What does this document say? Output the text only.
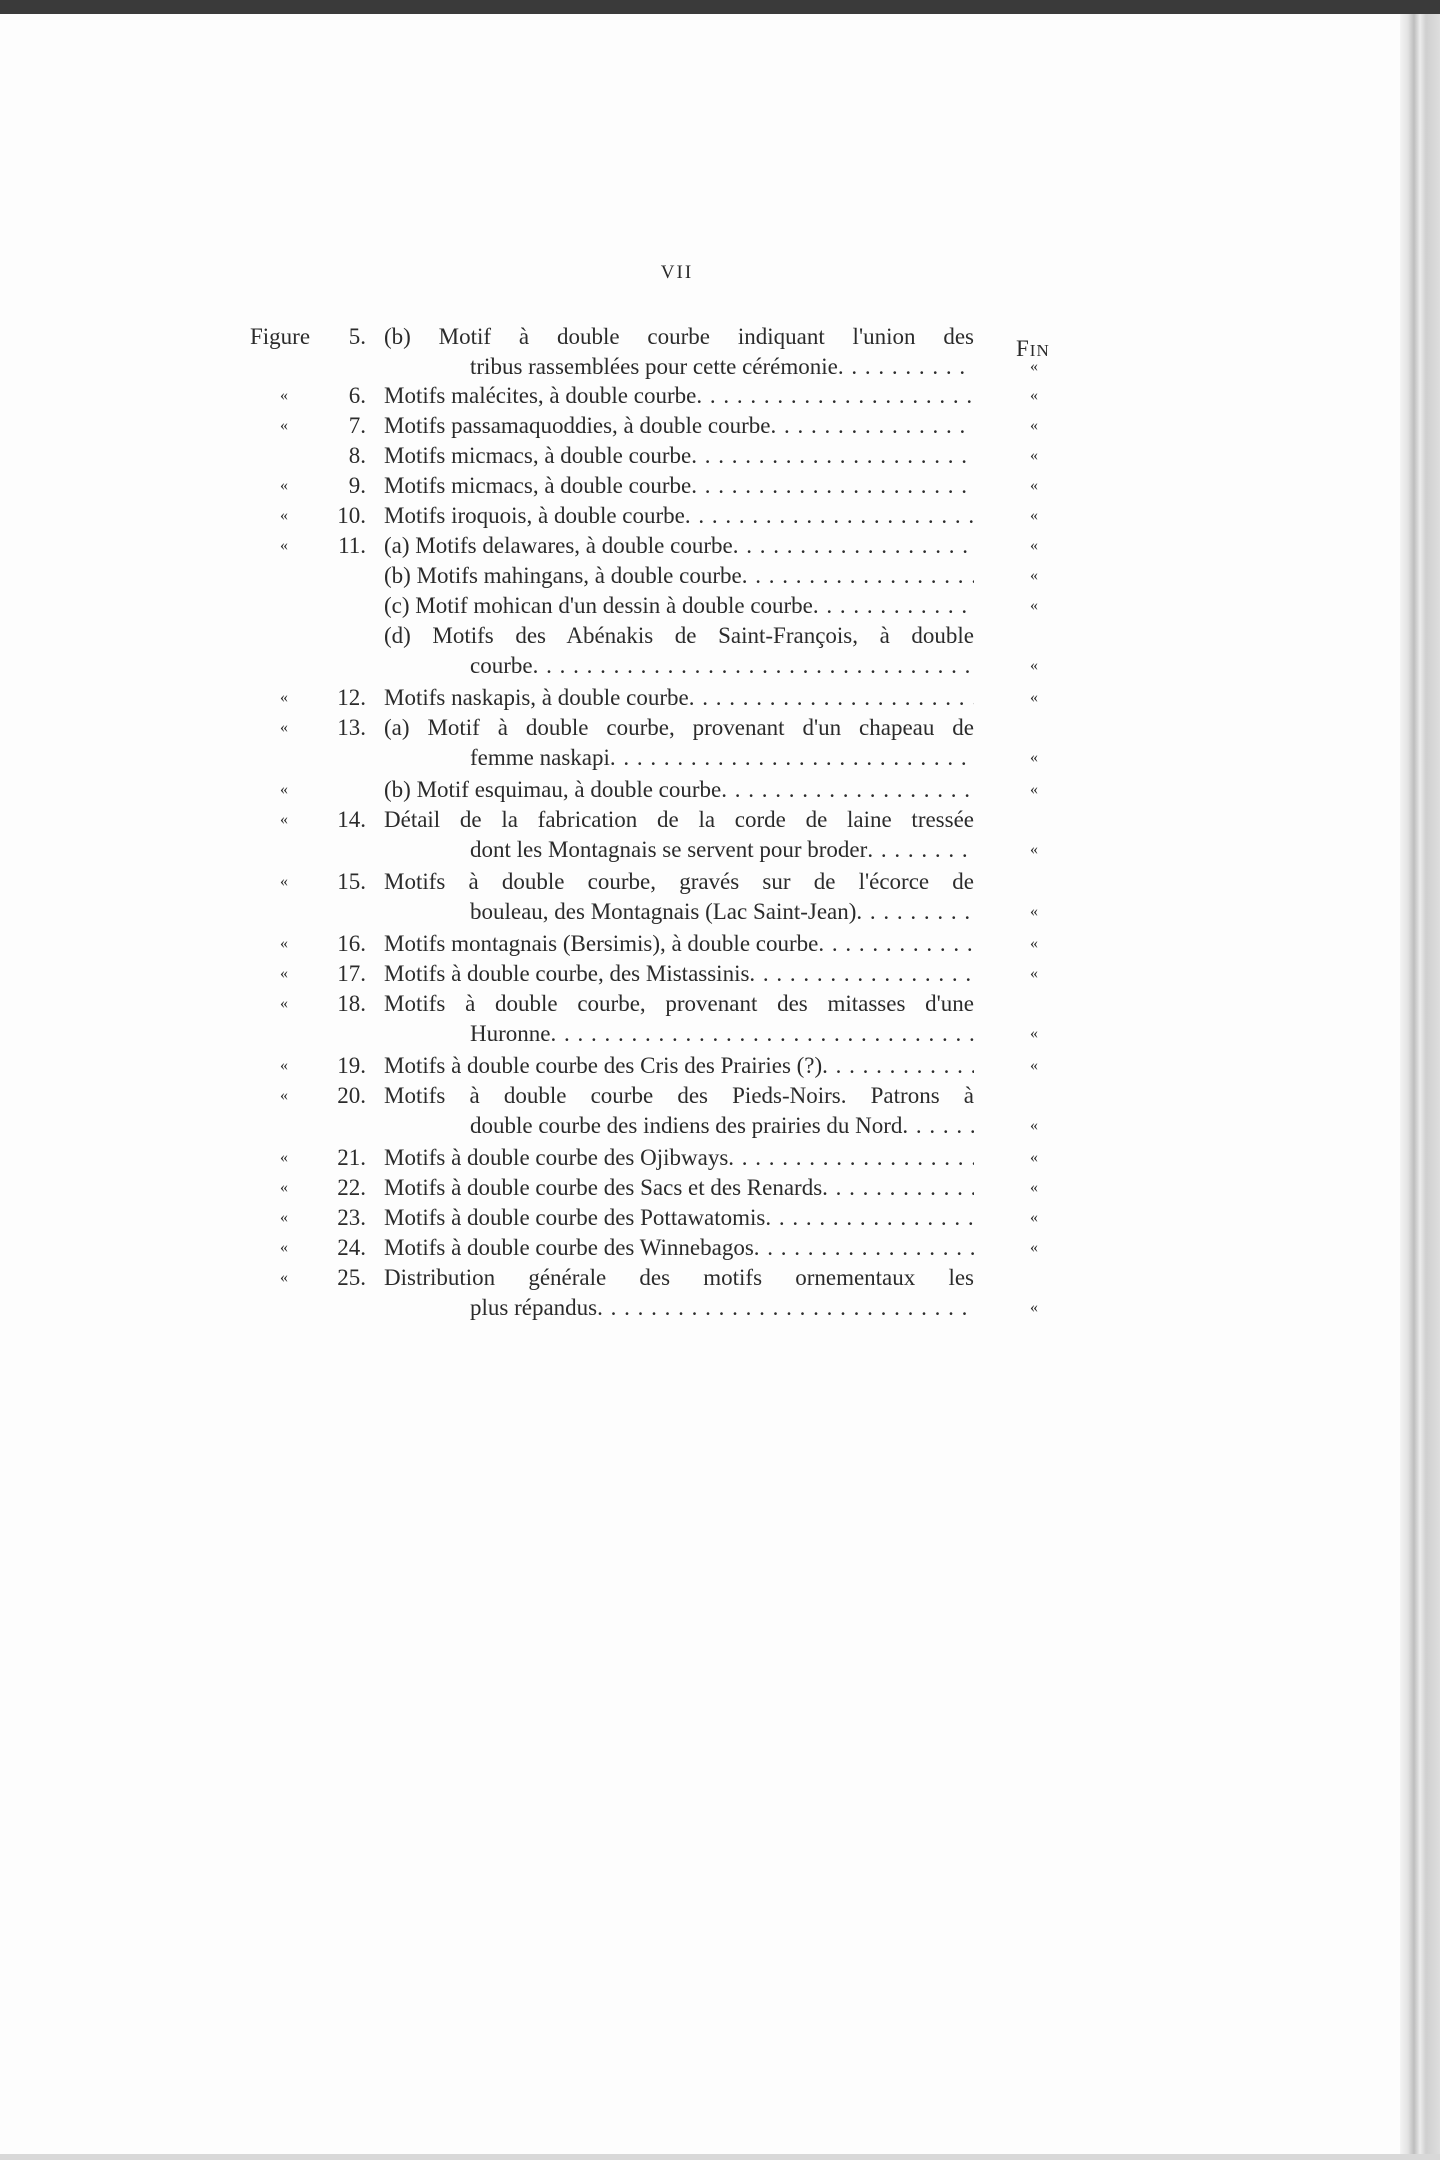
VII
FIN
Figure	5. (b) Motif à double courbe indiquant l'union des
tribus rassemblées pour cette cérémonie . . .	«
«	6. Motifs malécites, à double courbe . . .	«
«	7. Motifs passamaquoddies, à double courbe . . .	«
8. Motifs micmacs, à double courbe . . .	«
«	9. Motifs micmacs, à double courbe . . .	«
«	10. Motifs iroquois, à double courbe . . .	«
«	11. (a) Motifs delawares, à double courbe . . .	«
(b) Motifs mahingans, à double courbe . . .	«
(c) Motif mohican d'un dessin à double courbe . . .	«
(d) Motifs des Abénakis de Saint-François, à double
courbe . . .	«
«	12. Motifs naskapis, à double courbe . . .	«
«	13. (a) Motif à double courbe, provenant d'un chapeau de
femme naskapi . . .	«
«	(b) Motif esquimau, à double courbe . . .	«
«	14. Détail de la fabrication de la corde de laine tressée
dont les Montagnais se servent pour broder . . .	«
«	15. Motifs à double courbe, gravés sur de l'écorce de
bouleau, des Montagnais (Lac Saint-Jean) . . .	«
«	16. Motifs montagnais (Bersimis), à double courbe . . .	«
«	17. Motifs à double courbe, des Mistassinis . . .	«
«	18. Motifs à double courbe, provenant des mitasses d'une
Huronne . . .	«
«	19. Motifs à double courbe des Cris des Prairies (?) . . .	«
«	20. Motifs à double courbe des Pieds-Noirs. Patrons à
double courbe des indiens des prairies du Nord . . .	«
«	21. Motifs à double courbe des Ojibways . . .	«
«	22. Motifs à double courbe des Sacs et des Renards . . .	«
«	23. Motifs à double courbe des Pottawatomis . . .	«
«	24. Motifs à double courbe des Winnebagos . . .	«
«	25. Distribution générale des motifs ornementaux les
plus répandus . . .	«
